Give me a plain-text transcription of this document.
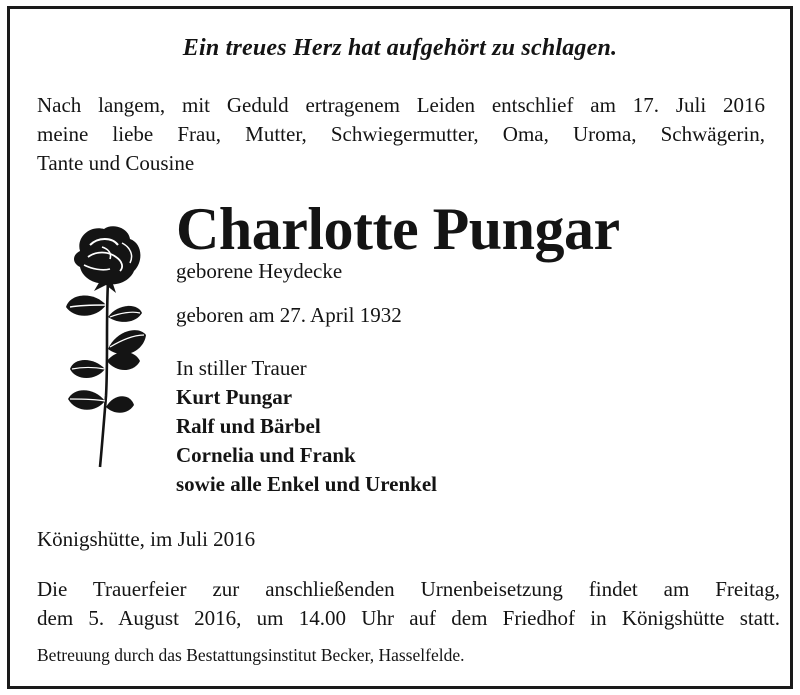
Ein treues Herz hat aufgehört zu schlagen.

Nach langem, mit Geduld ertragenem Leiden entschlief am 17. Juli 2016
meine liebe Frau, Mutter, Schwiegermutter, Oma, Uroma, Schwägerin,
Tante und Cousine

Charlotte Pungar

geborene Heydecke

geboren am 27. April 1932

In stiller Trauer
Kurt Pungar
Ralf und Bärbel
Cornelia und Frank
sowie alle Enkel und Urenkel

Königshütte, im Juli 2016

Die Trauerfeier zur anschließenden Urnenbeisetzung findet am Freitag,
dem 5. August 2016, um 14.00 Uhr auf dem Friedhof in Königshütte statt.

Betreuung durch das Bestattungsinstitut Becker, Hasselfelde.
